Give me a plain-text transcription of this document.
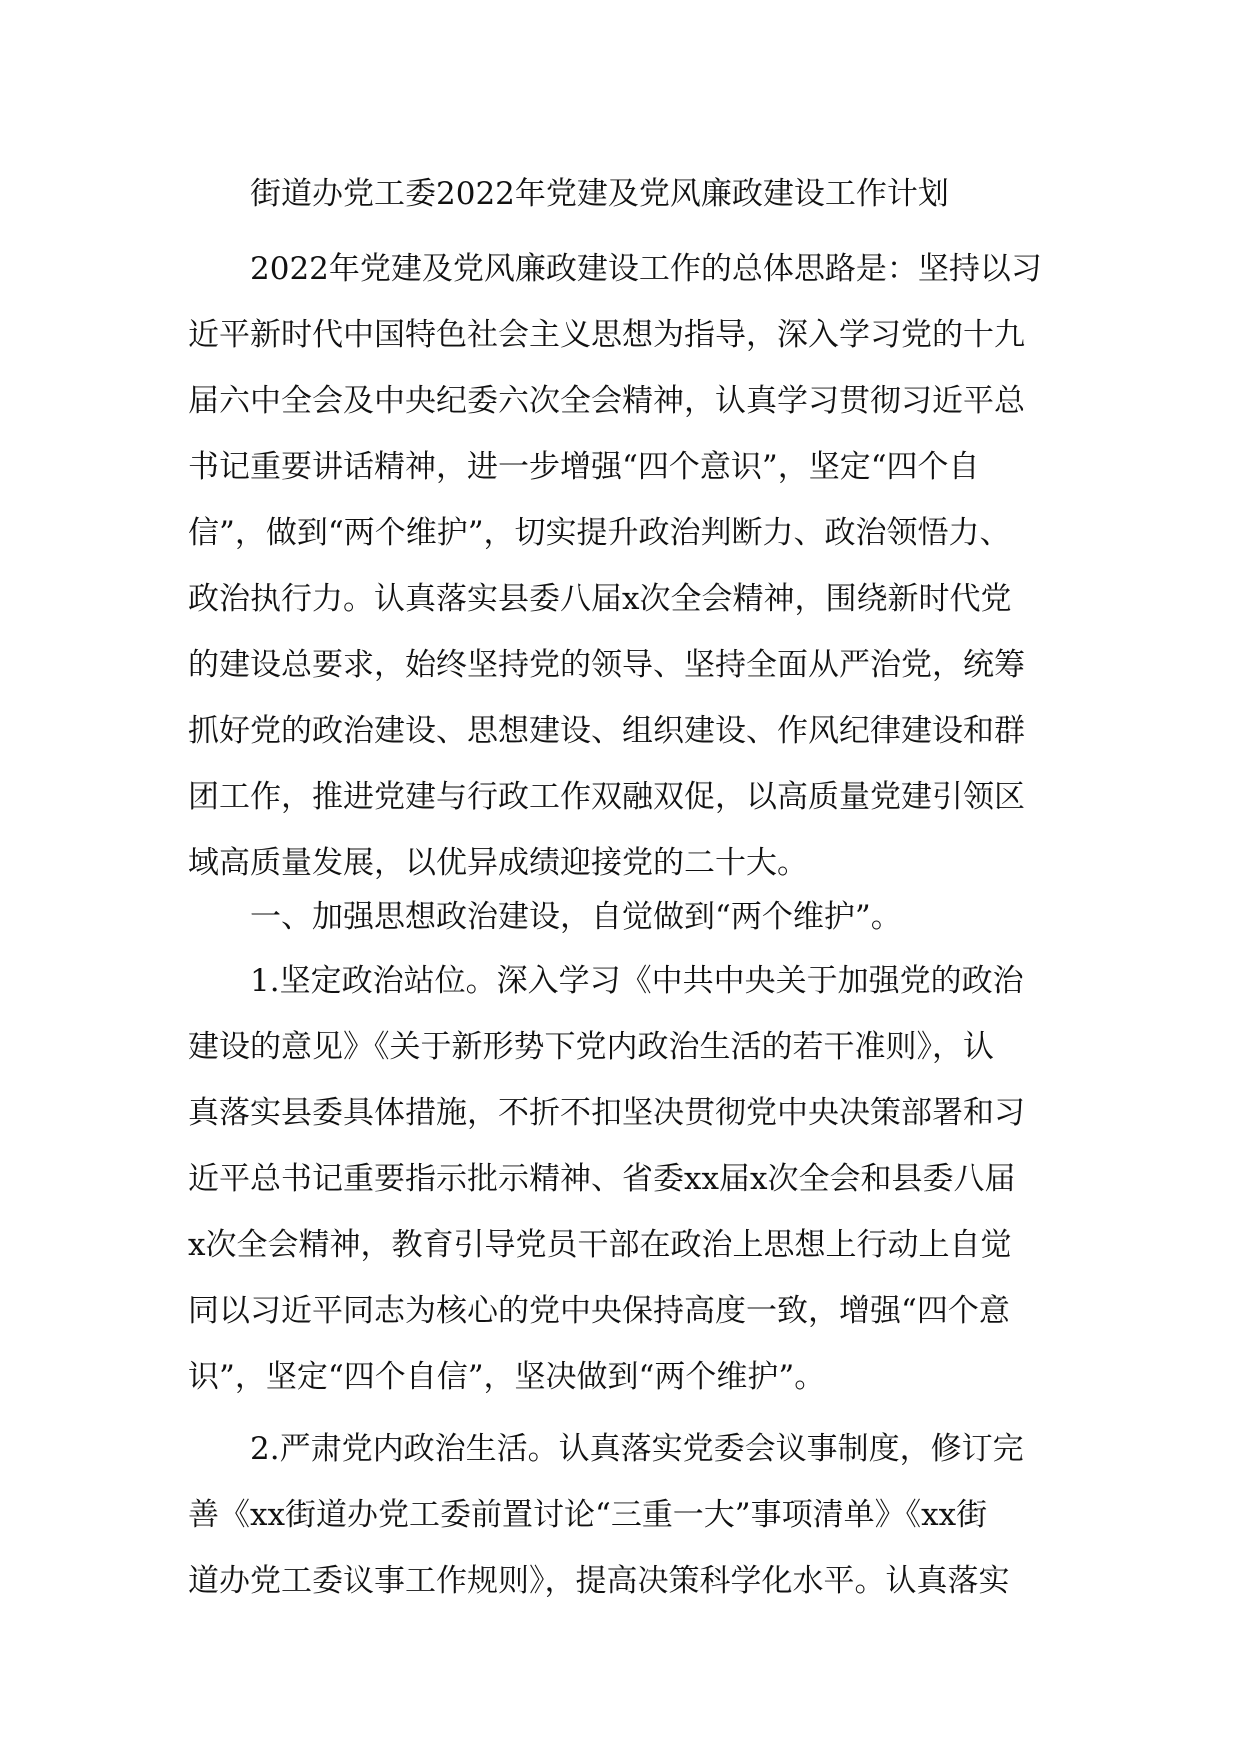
街道办党工委2022年党建及党风廉政建设工作计划

2022年党建及党风廉政建设工作的总体思路是：坚持以习
近平新时代中国特色社会主义思想为指导，深入学习党的十九
届六中全会及中央纪委六次全会精神，认真学习贯彻习近平总
书记重要讲话精神，进一步增强“四个意识”，坚定“四个自
信”，做到“两个维护”，切实提升政治判断力、政治领悟力、
政治执行力。认真落实县委八届x次全会精神，围绕新时代党
的建设总要求，始终坚持党的领导、坚持全面从严治党，统筹
抓好党的政治建设、思想建设、组织建设、作风纪律建设和群
团工作，推进党建与行政工作双融双促，以高质量党建引领区
域高质量发展，以优异成绩迎接党的二十大。

一、加强思想政治建设，自觉做到“两个维护”。

1.坚定政治站位。深入学习《中共中央关于加强党的政治
建设的意见》《关于新形势下党内政治生活的若干准则》，认
真落实县委具体措施，不折不扣坚决贯彻党中央决策部署和习
近平总书记重要指示批示精神、省委xx届x次全会和县委八届
x次全会精神，教育引导党员干部在政治上思想上行动上自觉
同以习近平同志为核心的党中央保持高度一致，增强“四个意
识”，坚定“四个自信”，坚决做到“两个维护”。

2.严肃党内政治生活。认真落实党委会议事制度，修订完
善《xx街道办党工委前置讨论“三重一大”事项清单》《xx街
道办党工委议事工作规则》，提高决策科学化水平。认真落实
